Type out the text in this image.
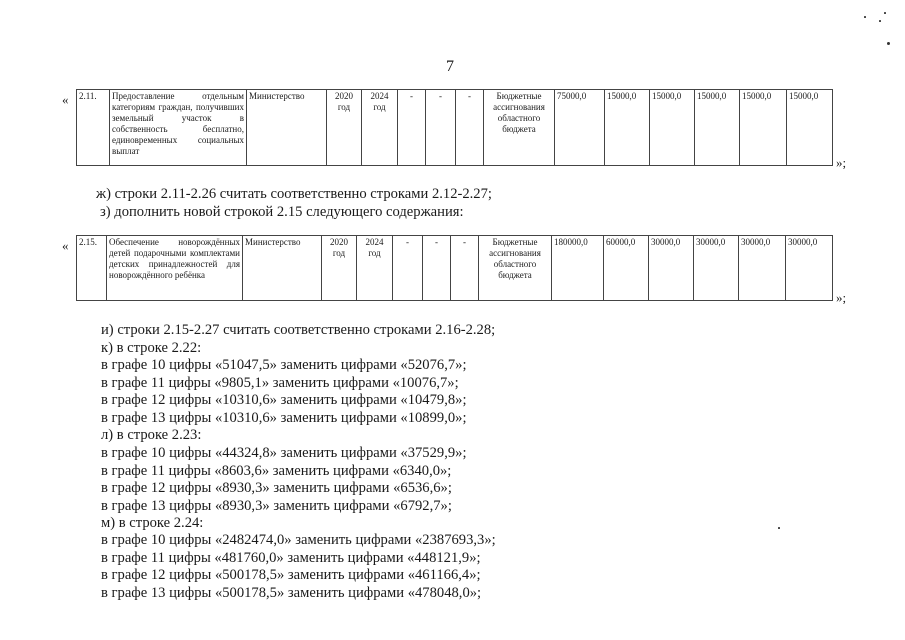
7
« 2.11.	Предоставление отдельным категориям граждан, получивших земельный участок в собственность бесплатно, единовременных социальных выплат	Министерство	2020 год	2024 год	-	-	-	Бюджетные ассигнования областного бюджета	75000,0	15000,0	15000,0	15000,0	15000,0	15000,0
»;
ж) строки 2.11-2.26 считать соответственно строками 2.12-2.27;
з) дополнить новой строкой 2.15 следующего содержания:
« 2.15.	Обеспечение новорождённых детей подарочными комплектами детских принадлежностей для новорождённого ребёнка	Министерство	2020 год	2024 год	-	-	-	Бюджетные ассигнования областного бюджета	180000,0	60000,0	30000,0	30000,0	30000,0	30000,0
»;
и) строки 2.15-2.27 считать соответственно строками 2.16-2.28;
к) в строке 2.22:
в графе 10 цифры «51047,5» заменить цифрами «52076,7»;
в графе 11 цифры «9805,1» заменить цифрами «10076,7»;
в графе 12 цифры «10310,6» заменить цифрами «10479,8»;
в графе 13 цифры «10310,6» заменить цифрами «10899,0»;
л) в строке 2.23:
в графе 10 цифры «44324,8» заменить цифрами «37529,9»;
в графе 11 цифры «8603,6» заменить цифрами «6340,0»;
в графе 12 цифры «8930,3» заменить цифрами «6536,6»;
в графе 13 цифры «8930,3» заменить цифрами «6792,7»;
м) в строке 2.24:
в графе 10 цифры «2482474,0» заменить цифрами «2387693,3»;
в графе 11 цифры «481760,0» заменить цифрами «448121,9»;
в графе 12 цифры «500178,5» заменить цифрами «461166,4»;
в графе 13 цифры «500178,5» заменить цифрами «478048,0»;
